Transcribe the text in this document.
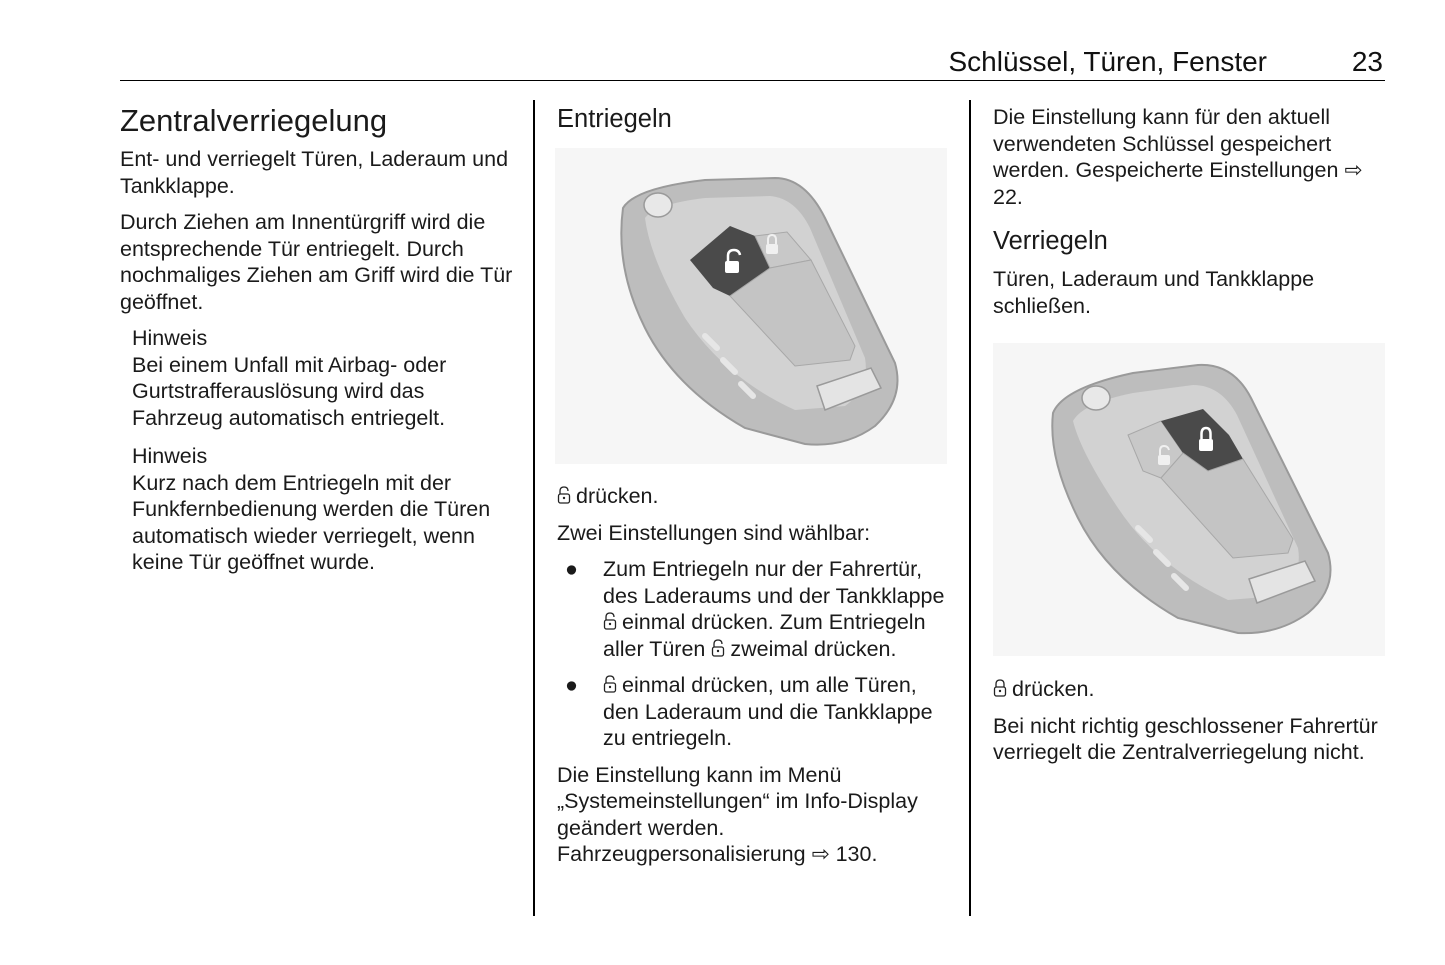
Schlüssel, Türen, Fenster	23
Zentralverriegelung

Ent- und verriegelt Türen, Laderaum und Tankklappe.

Durch Ziehen am Innentürgriff wird die entsprechende Tür entriegelt. Durch nochmaliges Ziehen am Griff wird die Tür geöffnet.

Hinweis
Bei einem Unfall mit Airbag- oder Gurtstrafferauslösung wird das Fahrzeug automatisch entriegelt.
Hinweis
Kurz nach dem Entriegeln mit der Funkfernbedienung werden die Türen automatisch wieder verriegelt, wenn keine Tür geöffnet wurde.
Entriegeln

drücken.

Zwei Einstellungen sind wählbar:

● Zum Entriegeln nur der Fahrertür, des Laderaums und der Tankklappe einmal drücken. Zum Entriegeln aller Türen zweimal drücken.
● einmal drücken, um alle Türen, den Laderaum und die Tankklappe zu entriegeln.

Die Einstellung kann im Menü „Systemeinstellungen“ im Info-Display geändert werden. Fahrzeugpersonalisierung ⇨ 130.

Die Einstellung kann für den aktuell verwendeten Schlüssel gespeichert werden. Gespeicherte Einstellungen ⇨ 22.

Verriegeln

Türen, Laderaum und Tankklappe schließen.

drücken.

Bei nicht richtig geschlossener Fahrertür verriegelt die Zentralverriegelung nicht.
